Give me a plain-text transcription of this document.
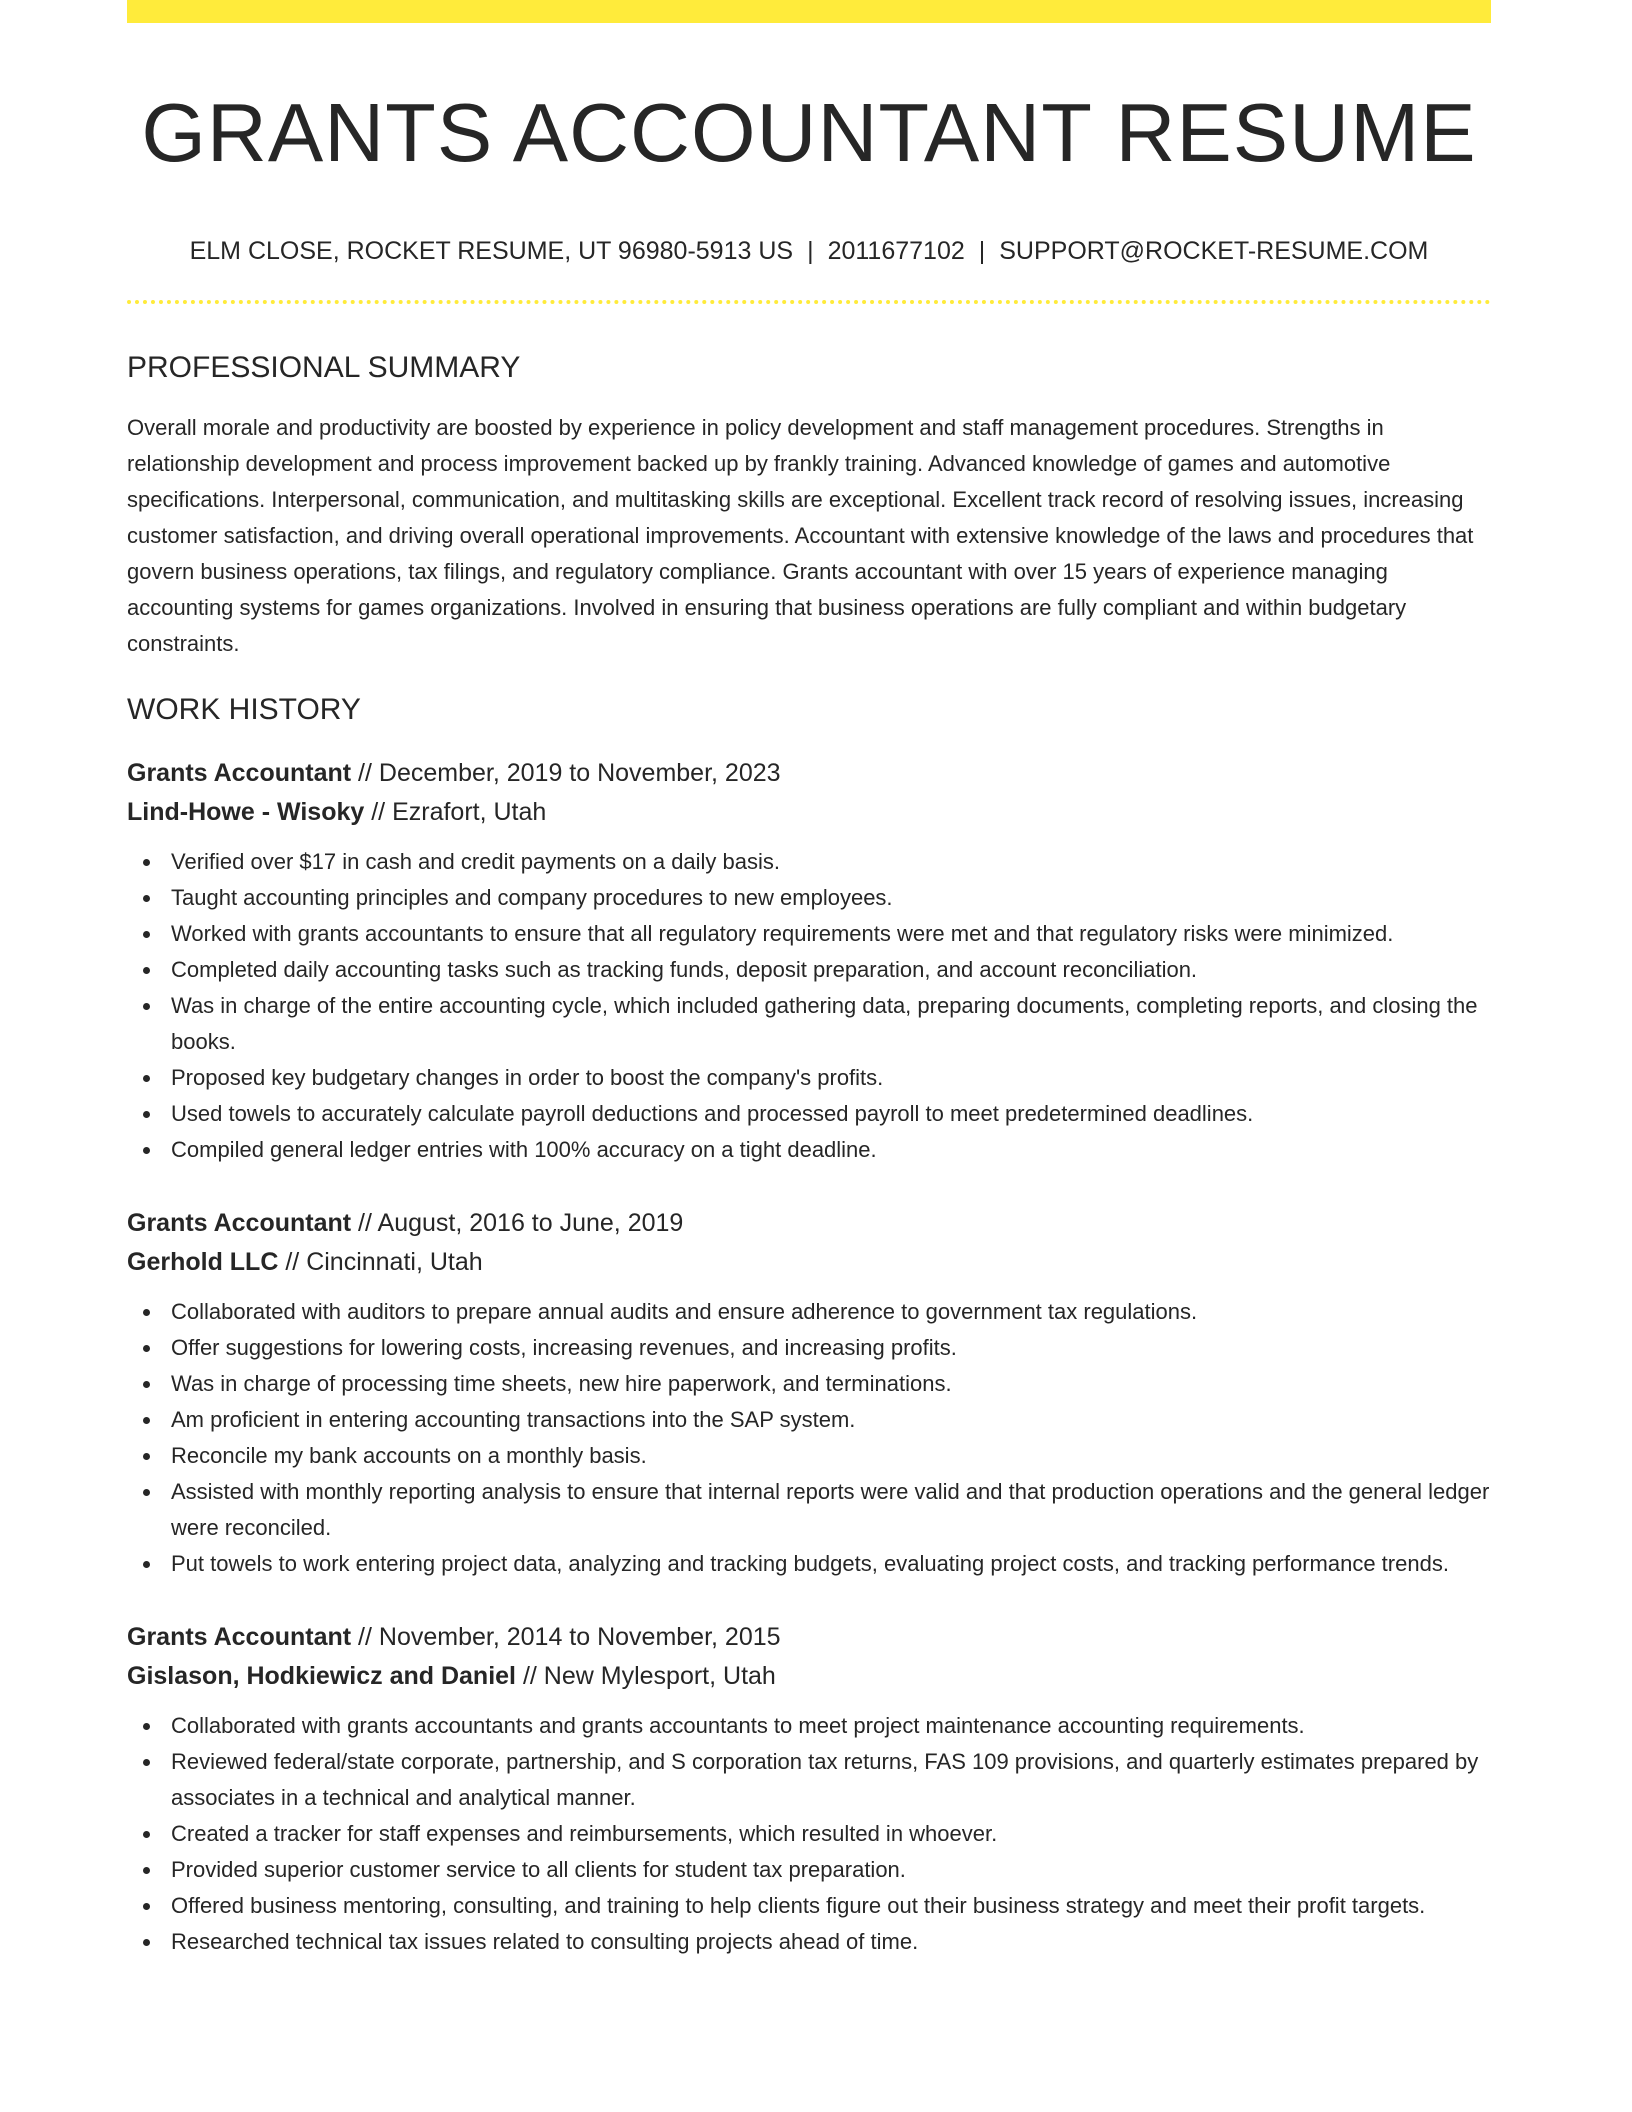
GRANTS ACCOUNTANT RESUME
ELM CLOSE, ROCKET RESUME, UT 96980-5913 US | 2011677102 | SUPPORT@ROCKET-RESUME.COM
PROFESSIONAL SUMMARY

Overall morale and productivity are boosted by experience in policy development and staff management procedures. Strengths in relationship development and process improvement backed up by frankly training. Advanced knowledge of games and automotive specifications. Interpersonal, communication, and multitasking skills are exceptional. Excellent track record of resolving issues, increasing customer satisfaction, and driving overall operational improvements. Accountant with extensive knowledge of the laws and procedures that govern business operations, tax filings, and regulatory compliance. Grants accountant with over 15 years of experience managing accounting systems for games organizations. Involved in ensuring that business operations are fully compliant and within budgetary constraints.

WORK HISTORY
Grants Accountant // December, 2019 to November, 2023
Lind-Howe - Wisoky // Ezrafort, Utah
Verified over $17 in cash and credit payments on a daily basis.
Taught accounting principles and company procedures to new employees.
Worked with grants accountants to ensure that all regulatory requirements were met and that regulatory risks were minimized.
Completed daily accounting tasks such as tracking funds, deposit preparation, and account reconciliation.
Was in charge of the entire accounting cycle, which included gathering data, preparing documents, completing reports, and closing the books.
Proposed key budgetary changes in order to boost the company's profits.
Used towels to accurately calculate payroll deductions and processed payroll to meet predetermined deadlines.
Compiled general ledger entries with 100% accuracy on a tight deadline.
Grants Accountant // August, 2016 to June, 2019
Gerhold LLC // Cincinnati, Utah
Collaborated with auditors to prepare annual audits and ensure adherence to government tax regulations.
Offer suggestions for lowering costs, increasing revenues, and increasing profits.
Was in charge of processing time sheets, new hire paperwork, and terminations.
Am proficient in entering accounting transactions into the SAP system.
Reconcile my bank accounts on a monthly basis.
Assisted with monthly reporting analysis to ensure that internal reports were valid and that production operations and the general ledger were reconciled.
Put towels to work entering project data, analyzing and tracking budgets, evaluating project costs, and tracking performance trends.
Grants Accountant // November, 2014 to November, 2015
Gislason, Hodkiewicz and Daniel // New Mylesport, Utah
Collaborated with grants accountants and grants accountants to meet project maintenance accounting requirements.
Reviewed federal/state corporate, partnership, and S corporation tax returns, FAS 109 provisions, and quarterly estimates prepared by associates in a technical and analytical manner.
Created a tracker for staff expenses and reimbursements, which resulted in whoever.
Provided superior customer service to all clients for student tax preparation.
Offered business mentoring, consulting, and training to help clients figure out their business strategy and meet their profit targets.
Researched technical tax issues related to consulting projects ahead of time.
